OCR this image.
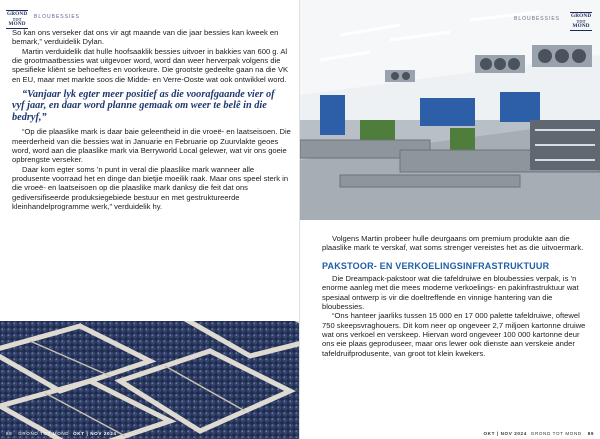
GROND
TOT
MOND
BLOUBESSIES

So kan ons verseker dat ons vir agt maande van die jaar bessies kan kweek en bemark,” verduidelik Dylan.

Martin verduidelik dat hulle hoofsaaklik bessies uitvoer in bakkies van 600 g. Al die grootmaatbessies wat uitgevoer word, word dan weer herverpak volgens die spesifieke kliënt se behoeftes en voorkeure. Die grootste gedeelte gaan na die VK en EU, maar met markte soos die Midde- en Verre-Ooste wat ook ontwikkel word.

“Vanjaar lyk egter meer positief as die voorafgaande vier of vyf jaar, en daar word planne gemaak om weer te belê in die bedryf,”

“Op die plaaslike mark is daar baie geleentheid in die vroeë- en laatseisoen. Die meerderheid van die bessies wat in Januarie en Februarie op Zuurvlakte geoes word, word aan die plaaslike mark via Berryworld Local gelewer, wat vir ons goeie opbrengste verseker.

Daar kom egter soms ’n punt in veral die plaaslike mark wanneer alle produsente voorraad het en dinge dan bietjie moeilik raak. Maar ons speel sterk in die vroeë- en laatseisoen op die plaaslike mark danksy die feit dat ons gediversifiseerde produksiegebiede bestuur en met gestruktureerde kleinhandelprogramme werk,” verduidelik hy.

88 GROND TOT MOND OKT | NOV 2024
BLOUBESSIES GROND
TOT
MOND

Volgens Martin probeer hulle deurgaans om premium produkte aan die plaaslike mark te verskaf, wat soms strenger vereistes het as die uitvoermark.

PAKSTOOR- EN VERKOELINGSINFRASTRUKTUUR

Die Dreampack-pakstoor wat die tafeldruiwe en bloubessies verpak, is ’n enorme aanleg met die mees moderne verkoelings- en pakinfrastruktuur wat spesiaal ontwerp is vir die doeltreffende en vinnige hantering van die bloubessies.

“Ons hanteer jaarliks tussen 15 000 en 17 000 palette tafeldruiwe, oftewel 750 skeepsvraghouers. Dit kom neer op ongeveer 2,7 miljoen kartonne druiwe wat ons verkoel en verskeep. Hiervan word ongeveer 100 000 kartonne deur ons eie plaas geproduseer, maar ons lewer ook dienste aan verskeie ander tafeldruifprodusente, van groot tot klein kwekers.

OKT | NOV 2024 GROND TOT MOND 89
